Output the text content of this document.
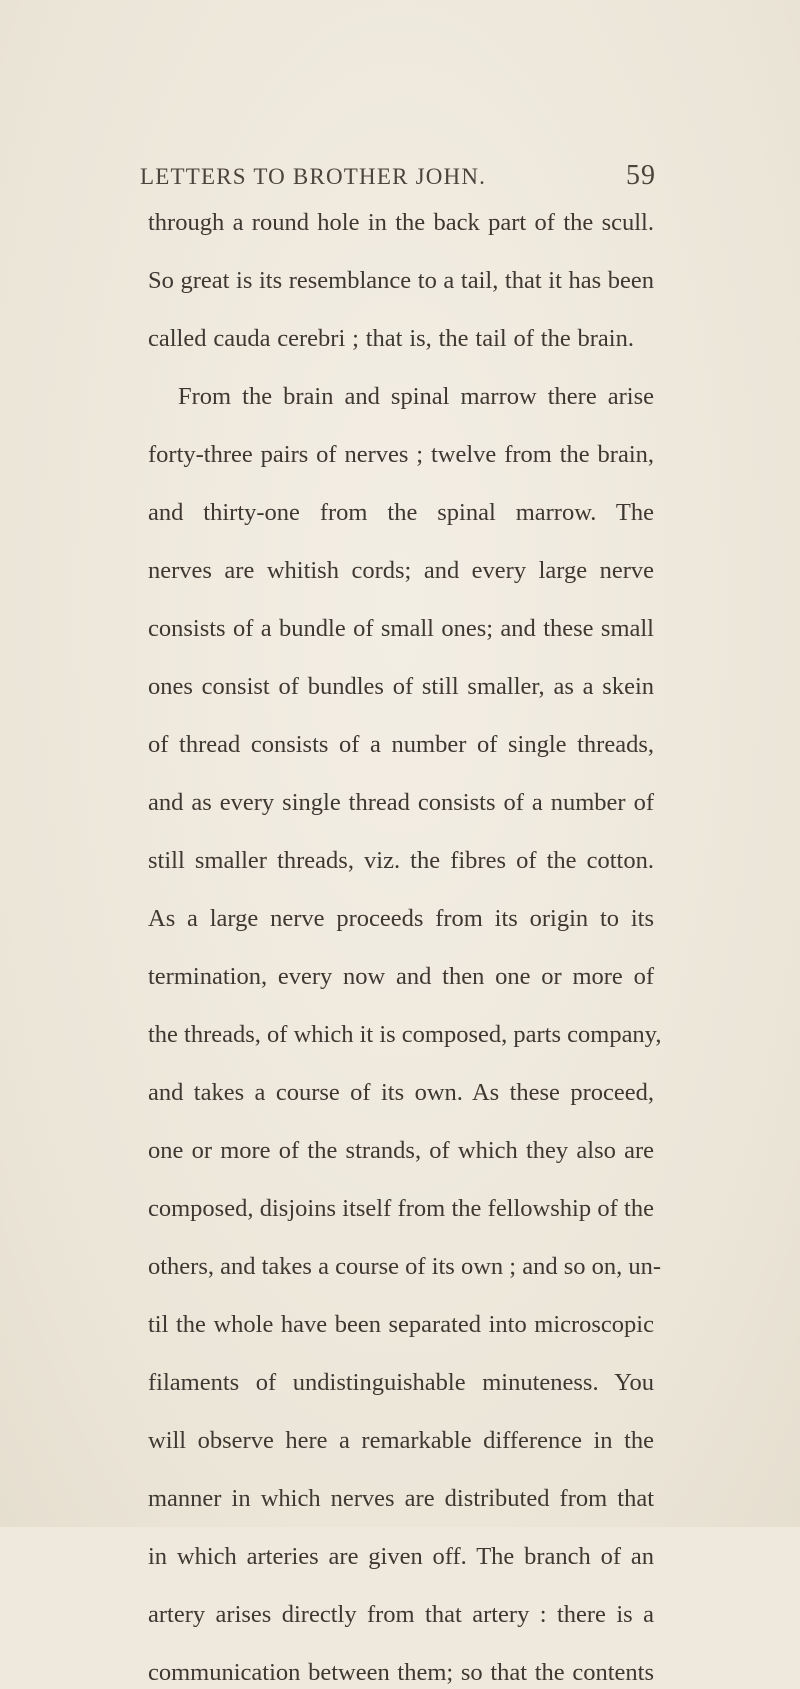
LETTERS TO BROTHER JOHN.	59
through a round hole in the back part of the scull.
So great is its resemblance to a tail, that it has been
called cauda cerebri ; that is, the tail of the brain.
From the brain and spinal marrow there arise
forty-three pairs of nerves ; twelve from the brain,
and thirty-one from the spinal marrow. The
nerves are whitish cords; and every large nerve
consists of a bundle of small ones; and these small
ones consist of bundles of still smaller, as a skein
of thread consists of a number of single threads,
and as every single thread consists of a number of
still smaller threads, viz. the fibres of the cotton.
As a large nerve proceeds from its origin to its
termination, every now and then one or more of
the threads, of which it is composed, parts company,
and takes a course of its own. As these proceed,
one or more of the strands, of which they also are
composed, disjoins itself from the fellowship of the
others, and takes a course of its own ; and so on, un-
til the whole have been separated into microscopic
filaments of undistinguishable minuteness. You
will observe here a remarkable difference in the
manner in which nerves are distributed from that
in which arteries are given off. The branch of an
artery arises directly from that artery : there is a
communication between them; so that the contents
